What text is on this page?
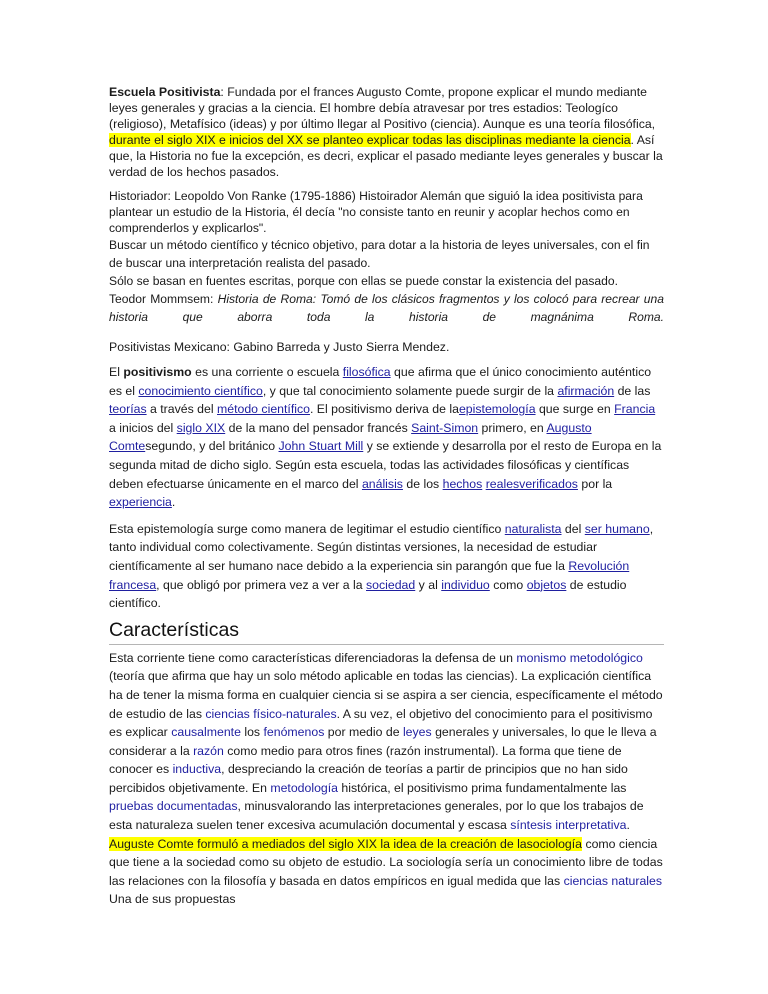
Escuela Positivista: Fundada por el frances Augusto Comte, propone explicar el mundo mediante leyes generales y gracias a la ciencia. El hombre debía atravesar por tres estadios: Teologíco (religioso), Metafísico (ideas) y por último llegar al Positivo (ciencia). Aunque es una teoría filosófica, durante el siglo XIX e inicios del XX se planteo explicar todas las disciplinas mediante la ciencia. Así que, la Historia no fue la excepción, es decri, explicar el pasado mediante leyes generales y buscar la verdad de los hechos pasados.

Historiador: Leopoldo Von Ranke (1795-1886) Histoirador Alemán que siguió la idea positivista para plantear un estudio de la Historia, él decía "no consiste tanto en reunir y acoplar hechos como en comprenderlos y explicarlos".

Buscar un método científico y técnico objetivo, para dotar a la historia de leyes universales, con el fin de buscar una interpretación realista del pasado.

Sólo se basan en fuentes escritas, porque con ellas se puede constar la existencia del pasado.

Teodor Mommsem: Historia de Roma: Tomó de los clásicos fragmentos y los colocó para recrear una historia que aborra toda la historia de magnánima Roma.

Positivistas Mexicano: Gabino Barreda y Justo Sierra Mendez.

El positivismo es una corriente o escuela filosófica que afirma que el único conocimiento auténtico es el conocimiento científico, y que tal conocimiento solamente puede surgir de la afirmación de las teorías a través del método científico. El positivismo deriva de laepistemología que surge en Francia a inicios del siglo XIX de la mano del pensador francés Saint-Simon primero, en Augusto Comtesegundo, y del británico John Stuart Mill y se extiende y desarrolla por el resto de Europa en la segunda mitad de dicho siglo. Según esta escuela, todas las actividades filosóficas y científicas deben efectuarse únicamente en el marco del análisis de los hechos realesverificados por la experiencia.

Esta epistemología surge como manera de legitimar el estudio científico naturalista del ser humano, tanto individual como colectivamente. Según distintas versiones, la necesidad de estudiar científicamente al ser humano nace debido a la experiencia sin parangón que fue la Revolución francesa, que obligó por primera vez a ver a la sociedad y al individuo como objetos de estudio científico.

Características

Esta corriente tiene como características diferenciadoras la defensa de un monismo metodológico (teoría que afirma que hay un solo método aplicable en todas las ciencias). La explicación científica ha de tener la misma forma en cualquier ciencia si se aspira a ser ciencia, específicamente el método de estudio de las ciencias físico-naturales. A su vez, el objetivo del conocimiento para el positivismo es explicar causalmente los fenómenos por medio de leyes generales y universales, lo que le lleva a considerar a la razón como medio para otros fines (razón instrumental). La forma que tiene de conocer es inductiva, despreciando la creación de teorías a partir de principios que no han sido percibidos objetivamente. En metodología histórica, el positivismo prima fundamentalmente las pruebas documentadas, minusvalorando las interpretaciones generales, por lo que los trabajos de esta naturaleza suelen tener excesiva acumulación documental y escasa síntesis interpretativa. Auguste Comte formuló a mediados del siglo XIX la idea de la creación de lasociología como ciencia que tiene a la sociedad como su objeto de estudio. La sociología sería un conocimiento libre de todas las relaciones con la filosofía y basada en datos empíricos en igual medida que las ciencias naturales Una de sus propuestas
